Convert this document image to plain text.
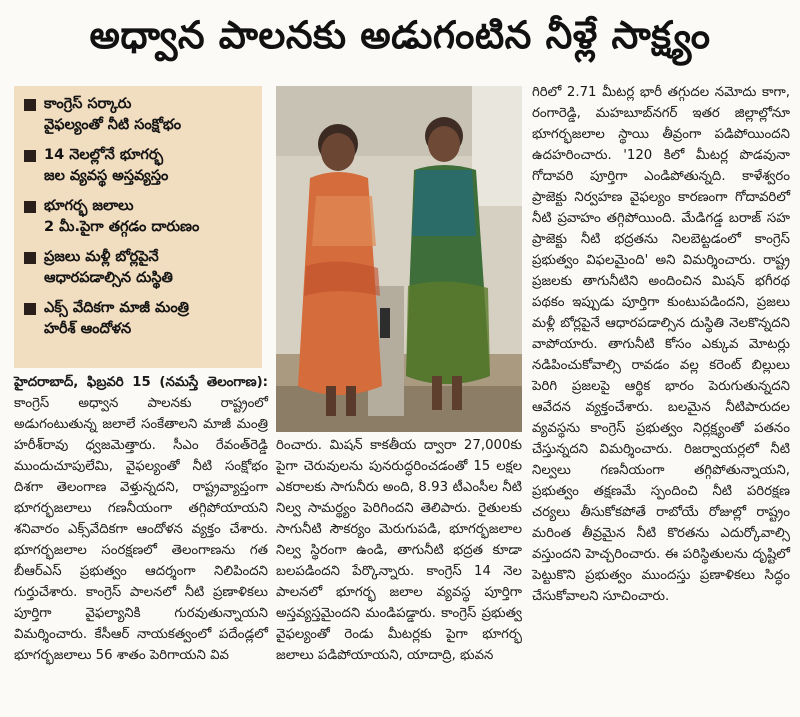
అధ్వాన పాలనకు అడుగంటిన నీళ్లే సాక్ష్యం
కాంగ్రెస్ సర్కారు
వైఫల్యంతో నీటి సంక్షోభం
14 నెలల్లోనే భూగర్భ
జల వ్యవస్థ అస్తవ్యస్తం
భూగర్భ జలాలు
2 మీ.పైగా తగ్గడం దారుణం
ప్రజలు మళ్లీ బోర్లపైనే
ఆధారపడాల్సిన దుస్థితి
ఎక్స్ వేదికగా మాజీ మంత్రి
హరీశ్ ఆందోళన

హైదరాబాద్, ఫిబ్రవరి 15 (నమస్తే తెలంగాణ): కాంగ్రెస్ అధ్వాన పాలనకు రాష్ట్రంలో అడుగంటుతున్న జలాలే సంకేతాలని మాజీ మంత్రి హరీశ్‌రావు ధ్వజమెత్తారు. సీఎం రేవంత్‌రెడ్డి ముందుచూపులేమి, వైఫల్యంతో నీటి సంక్షోభం దిశగా తెలంగాణ వెళ్తున్నదని, రాష్ట్రవ్యాప్తంగా భూగర్భజలాలు గణనీయంగా తగ్గిపోయాయని శనివారం ఎక్స్‌వేదికగా ఆందోళన వ్యక్తం చేశారు. భూగర్భజలాల సంరక్షణలో తెలంగాణను గత బీఆర్‌ఎస్ ప్రభుత్వం ఆదర్శంగా నిలిపిందని గుర్తుచేశారు. కాంగ్రెస్ పాలనలో నీటి ప్రణాళికలు పూర్తిగా వైఫల్యానికి గురవుతున్నాయని విమర్శించారు. కేసీఆర్ నాయకత్వంలో పదేండ్లలో భూగర్భజలాలు 56 శాతం పెరిగాయని వివ

రించారు. మిషన్ కాకతీయ ద్వారా 27,000కు పైగా చెరువులను పునరుద్ధరించడంతో 15 లక్షల ఎకరాలకు సాగునీరు అంది, 8.93 టీఎంసీల నీటి నిల్వ సామర్థ్యం పెరిగిందని తెలిపారు. రైతులకు సాగునీటి సౌకర్యం మెరుగుపడి, భూగర్భజలాల నిల్వ స్థిరంగా ఉండి, తాగునీటి భద్రత కూడా బలపడిందని పేర్కొన్నారు. కాంగ్రెస్ 14 నెల పాలనలో భూగర్భ జలాల వ్యవస్థ పూర్తిగా అస్తవ్యస్తమైందని మండిపడ్డారు. కాంగ్రెస్ ప్రభుత్వ వైఫల్యంతో రెండు మీటర్లకు పైగా భూగర్భ జలాలు పడిపోయాయని, యాదాద్రి, భువన

గిరిలో 2.71 మీటర్ల భారీ తగ్గుదల నమోదు కాగా, రంగారెడ్డి, మహబూబ్‌నగర్ ఇతర జిల్లాల్లోనూ భూగర్భజలాల స్థాయి తీవ్రంగా పడిపోయిందని ఉదహరించారు. '120 కిలో మీటర్ల పొడవునా గోదావరి పూర్తిగా ఎండిపోతున్నది. కాళేశ్వరం ప్రాజెక్టు నిర్వహణ వైఫల్యం కారణంగా గోదావరిలో నీటి ప్రవాహం తగ్గిపోయింది. మేడిగడ్డ బరాజ్ సహ ప్రాజెక్టు నీటి భద్రతను నిలబెట్టడంలో కాంగ్రెస్ ప్రభుత్వం విఫలమైంది' అని విమర్శించారు. రాష్ట్ర ప్రజలకు తాగునీటిని అందించిన మిషన్ భగీరథ పథకం ఇప్పుడు పూర్తిగా కుంటుపడిందని, ప్రజలు మళ్లీ బోర్లపైనే ఆధారపడాల్సిన దుస్థితి నెలకొన్నదని వాపోయారు. తాగునీటి కోసం ఎక్కువ మోటర్లు నడిపించుకోవాల్సి రావడం వల్ల కరెంట్ బిల్లులు పెరిగి ప్రజలపై ఆర్థిక భారం పెరుగుతున్నదని ఆవేదన వ్యక్తంచేశారు. బలమైన నీటిపారుదల వ్యవస్థను కాంగ్రెస్ ప్రభుత్వం నిర్లక్ష్యంతో పతనం చేస్తున్నదని విమర్శించారు. రిజర్వాయర్లలో నీటి నిల్వలు గణనీయంగా తగ్గిపోతున్నాయని, ప్రభుత్వం తక్షణమే స్పందించి నీటి పరిరక్షణ చర్యలు తీసుకోకపోతే రాబోయే రోజుల్లో రాష్ట్రం మరింత తీవ్రమైన నీటి కొరతను ఎదుర్కోవాల్సి వస్తుందని హెచ్చరించారు. ఈ పరిస్థితులను దృష్టిలో పెట్టుకొని ప్రభుత్వం ముందస్తు ప్రణాళికలు సిద్ధం చేసుకోవాలని సూచించారు.
